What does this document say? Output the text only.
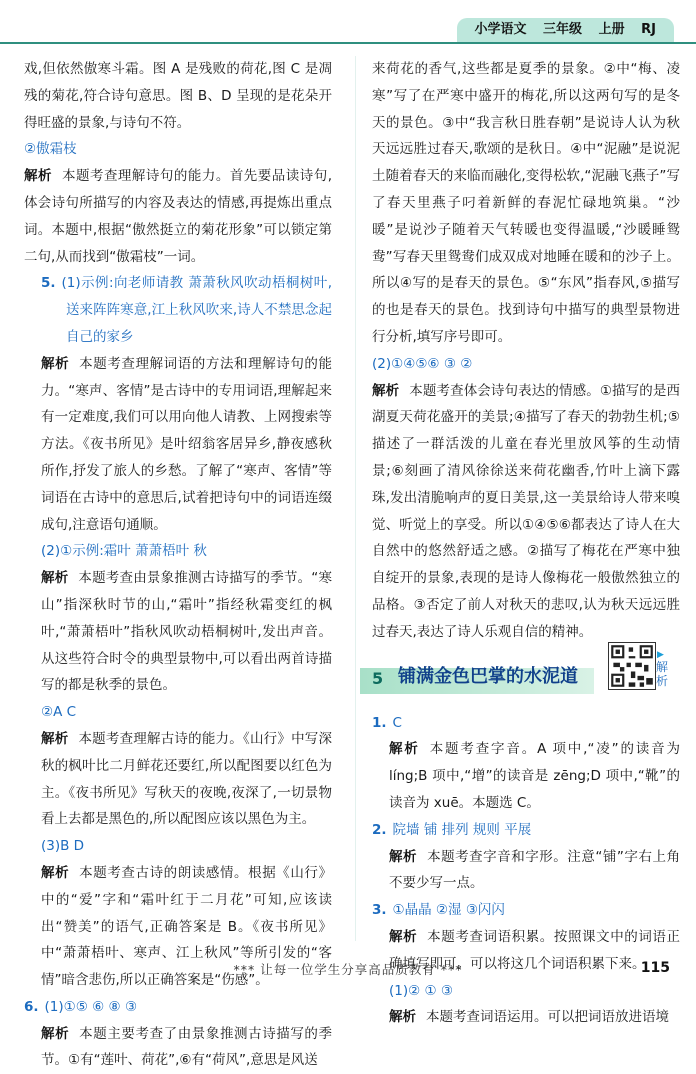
小学语文 三年级 上册 RJ

戏,但依然傲寒斗霜。图 A 是残败的荷花,图 C 是凋残的菊花,符合诗句意思。图 B、D 呈现的是花朵开得旺盛的景象,与诗句不符。

②傲霜枝

解析 本题考查理解诗句的能力。首先要品读诗句,体会诗句所描写的内容及表达的情感,再提炼出重点词。本题中,根据“傲然挺立的菊花形象”可以锁定第二句,从而找到“傲霜枝”一词。

5. (1)示例:向老师请教 萧萧秋风吹动梧桐树叶,送来阵阵寒意,江上秋风吹来,诗人不禁思念起自己的家乡

解析 本题考查理解词语的方法和理解诗句的能力。“寒声、客情”是古诗中的专用词语,理解起来有一定难度,我们可以用向他人请教、上网搜索等方法。《夜书所见》是叶绍翁客居异乡,静夜感秋所作,抒发了旅人的乡愁。了解了“寒声、客情”等词语在古诗中的意思后,试着把诗句中的词语连缀成句,注意语句通顺。

(2)①示例:霜叶 萧萧梧叶 秋

解析 本题考查由景象推测古诗描写的季节。“寒山”指深秋时节的山,“霜叶”指经秋霜变红的枫叶,“萧萧梧叶”指秋风吹动梧桐树叶,发出声音。从这些符合时令的典型景物中,可以看出两首诗描写的都是秋季的景色。

②A C

解析 本题考查理解古诗的能力。《山行》中写深秋的枫叶比二月鲜花还要红,所以配图要以红色为主。《夜书所见》写秋天的夜晚,夜深了,一切景物看上去都是黑色的,所以配图应该以黑色为主。

(3)B D

解析 本题考查古诗的朗读感情。根据《山行》中的“爱”字和“霜叶红于二月花”可知,应该读出“赞美”的语气,正确答案是 B。《夜书所见》中“萧萧梧叶、寒声、江上秋风”等所引发的“客情”暗含悲伤,所以正确答案是“伤感”。

6. (1)①⑤ ⑥ ⑧ ③

解析 本题主要考查了由景象推测古诗描写的季节。①有“莲叶、荷花”,⑥有“荷风”,意思是风送

来荷花的香气,这些都是夏季的景象。②中“梅、凌寒”写了在严寒中盛开的梅花,所以这两句写的是冬天的景色。③中“我言秋日胜春朝”是说诗人认为秋天远远胜过春天,歌颂的是秋日。④中“泥融”是说泥土随着春天的来临而融化,变得松软,“泥融飞燕子”写了春天里燕子叼着新鲜的春泥忙碌地筑巢。“沙暖”是说沙子随着天气转暖也变得温暖,“沙暖睡鸳鸯”写春天里鸳鸯们成双成对地睡在暖和的沙子上。所以④写的是春天的景色。⑤“东风”指春风,⑤描写的也是春天的景色。找到诗句中描写的典型景物进行分析,填写序号即可。

(2)①④⑤⑥ ③ ②

解析 本题考查体会诗句表达的情感。①描写的是西湖夏天荷花盛开的美景;④描写了春天的勃勃生机;⑤描述了一群活泼的儿童在春光里放风筝的生动情景;⑥刻画了清风徐徐送来荷花幽香,竹叶上滴下露珠,发出清脆响声的夏日美景,这一美景给诗人带来嗅觉、听觉上的享受。所以①④⑤⑥都表达了诗人在大自然中的悠然舒适之感。②描写了梅花在严寒中独自绽开的景象,表现的是诗人像梅花一般傲然独立的品格。③否定了前人对秋天的悲叹,认为秋天远远胜过春天,表达了诗人乐观自信的精神。

5 铺满金色巴掌的水泥道
▶
解析

1. C

解析 本题考查字音。A 项中,“凌”的读音为 líng;B 项中,“增”的读音是 zēng;D 项中,“靴”的读音为 xuē。本题选 C。

2. 院墙 铺 排列 规则 平展

解析 本题考查字音和字形。注意“铺”字右上角不要少写一点。

3. ①晶晶 ②湿 ③闪闪

解析 本题考查词语积累。按照课文中的词语正确填写即可。可以将这几个词语积累下来。

(1)② ① ③

解析 本题考查词语运用。可以把词语放进语境

*** 让每一位学生分享高品质教育 ***	115
